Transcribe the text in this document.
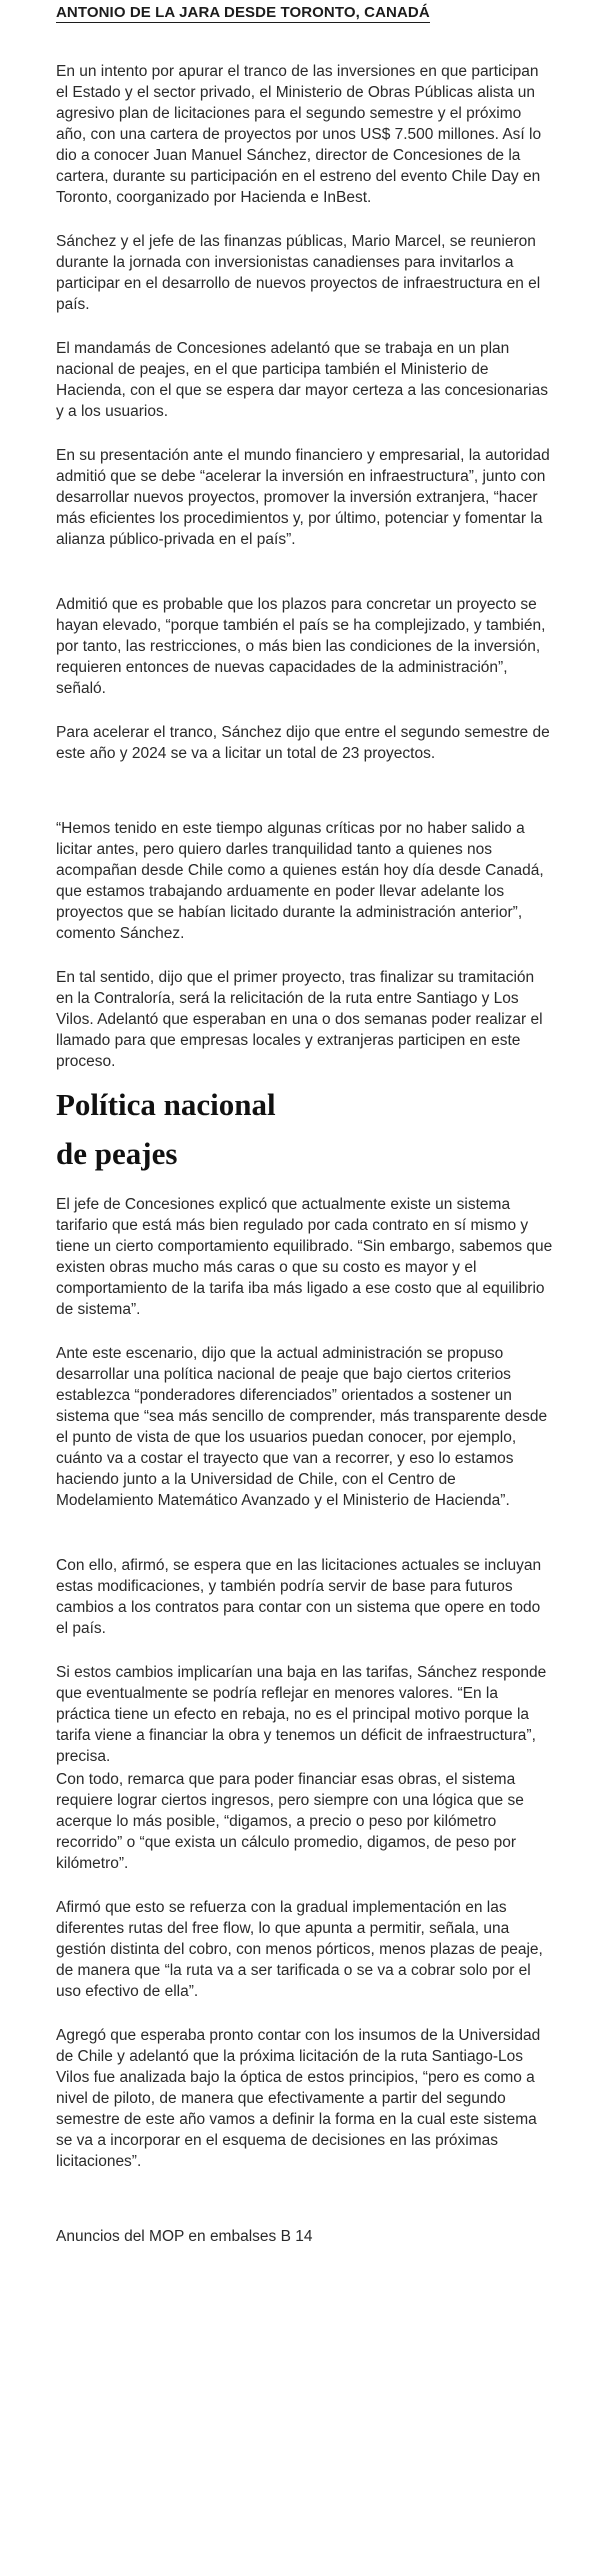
ANTONIO DE LA JARA DESDE TORONTO, CANADÁ

En un intento por apurar el tranco de las inversiones en que participan el Estado y el sector privado, el Ministerio de Obras Públicas alista un agresivo plan de licitaciones para el segundo semestre y el próximo año, con una cartera de proyectos por unos US$ 7.500 millones. Así lo dio a conocer Juan Manuel Sánchez, director de Concesiones de la cartera, durante su participación en el estreno del evento Chile Day en Toronto, coorganizado por Hacienda e InBest.

Sánchez y el jefe de las finanzas públicas, Mario Marcel, se reunieron durante la jornada con inversionistas canadienses para invitarlos a participar en el desarrollo de nuevos proyectos de infraestructura en el país.

El mandamás de Concesiones adelantó que se trabaja en un plan nacional de peajes, en el que participa también el Ministerio de Hacienda, con el que se espera dar mayor certeza a las concesionarias y a los usuarios.

En su presentación ante el mundo financiero y empresarial, la autoridad admitió que se debe “acelerar la inversión en infraestructura”, junto con desarrollar nuevos proyectos, promover la inversión extranjera, “hacer más eficientes los procedimientos y, por último, potenciar y fomentar la alianza público-privada en el país”.

Admitió que es probable que los plazos para concretar un proyecto se hayan elevado, “porque también el país se ha complejizado, y también, por tanto, las restricciones, o más bien las condiciones de la inversión, requieren entonces de nuevas capacidades de la administración”, señaló.

Para acelerar el tranco, Sánchez dijo que entre el segundo semestre de este año y 2024 se va a licitar un total de 23 proyectos.

“Hemos tenido en este tiempo algunas críticas por no haber salido a licitar antes, pero quiero darles tranquilidad tanto a quienes nos acompañan desde Chile como a quienes están hoy día desde Canadá, que estamos trabajando arduamente en poder llevar adelante los proyectos que se habían licitado durante la administración anterior”, comento Sánchez.

En tal sentido, dijo que el primer proyecto, tras finalizar su tramitación en la Contraloría, será la relicitación de la ruta entre Santiago y Los Vilos. Adelantó que esperaban en una o dos semanas poder realizar el llamado para que empresas locales y extranjeras participen en este proceso.

Política nacional
de peajes

El jefe de Concesiones explicó que actualmente existe un sistema tarifario que está más bien regulado por cada contrato en sí mismo y tiene un cierto comportamiento equilibrado. “Sin embargo, sabemos que existen obras mucho más caras o que su costo es mayor y el comportamiento de la tarifa iba más ligado a ese costo que al equilibrio de sistema”.

Ante este escenario, dijo que la actual administración se propuso desarrollar una política nacional de peaje que bajo ciertos criterios establezca “ponderadores diferenciados” orientados a sostener un sistema que “sea más sencillo de comprender, más transparente desde el punto de vista de que los usuarios puedan conocer, por ejemplo, cuánto va a costar el trayecto que van a recorrer, y eso lo estamos haciendo junto a la Universidad de Chile, con el Centro de Modelamiento Matemático Avanzado y el Ministerio de Hacienda”.

Con ello, afirmó, se espera que en las licitaciones actuales se incluyan estas modificaciones, y también podría servir de base para futuros cambios a los contratos para contar con un sistema que opere en todo el país.

Si estos cambios implicarían una baja en las tarifas, Sánchez responde que eventualmente se podría reflejar en menores valores. “En la práctica tiene un efecto en rebaja, no es el principal motivo porque la tarifa viene a financiar la obra y tenemos un déficit de infraestructura”, precisa.

Con todo, remarca que para poder financiar esas obras, el sistema requiere lograr ciertos ingresos, pero siempre con una lógica que se acerque lo más posible, “digamos, a precio o peso por kilómetro recorrido” o “que exista un cálculo promedio, digamos, de peso por kilómetro”.

Afirmó que esto se refuerza con la gradual implementación en las diferentes rutas del free flow, lo que apunta a permitir, señala, una gestión distinta del cobro, con menos pórticos, menos plazas de peaje, de manera que “la ruta va a ser tarificada o se va a cobrar solo por el uso efectivo de ella”.

Agregó que esperaba pronto contar con los insumos de la Universidad de Chile y adelantó que la próxima licitación de la ruta Santiago-Los Vilos fue analizada bajo la óptica de estos principios, “pero es como a nivel de piloto, de manera que efectivamente a partir del segundo semestre de este año vamos a definir la forma en la cual este sistema se va a incorporar en el esquema de decisiones en las próximas licitaciones”.

Anuncios del MOP en embalses B 14
